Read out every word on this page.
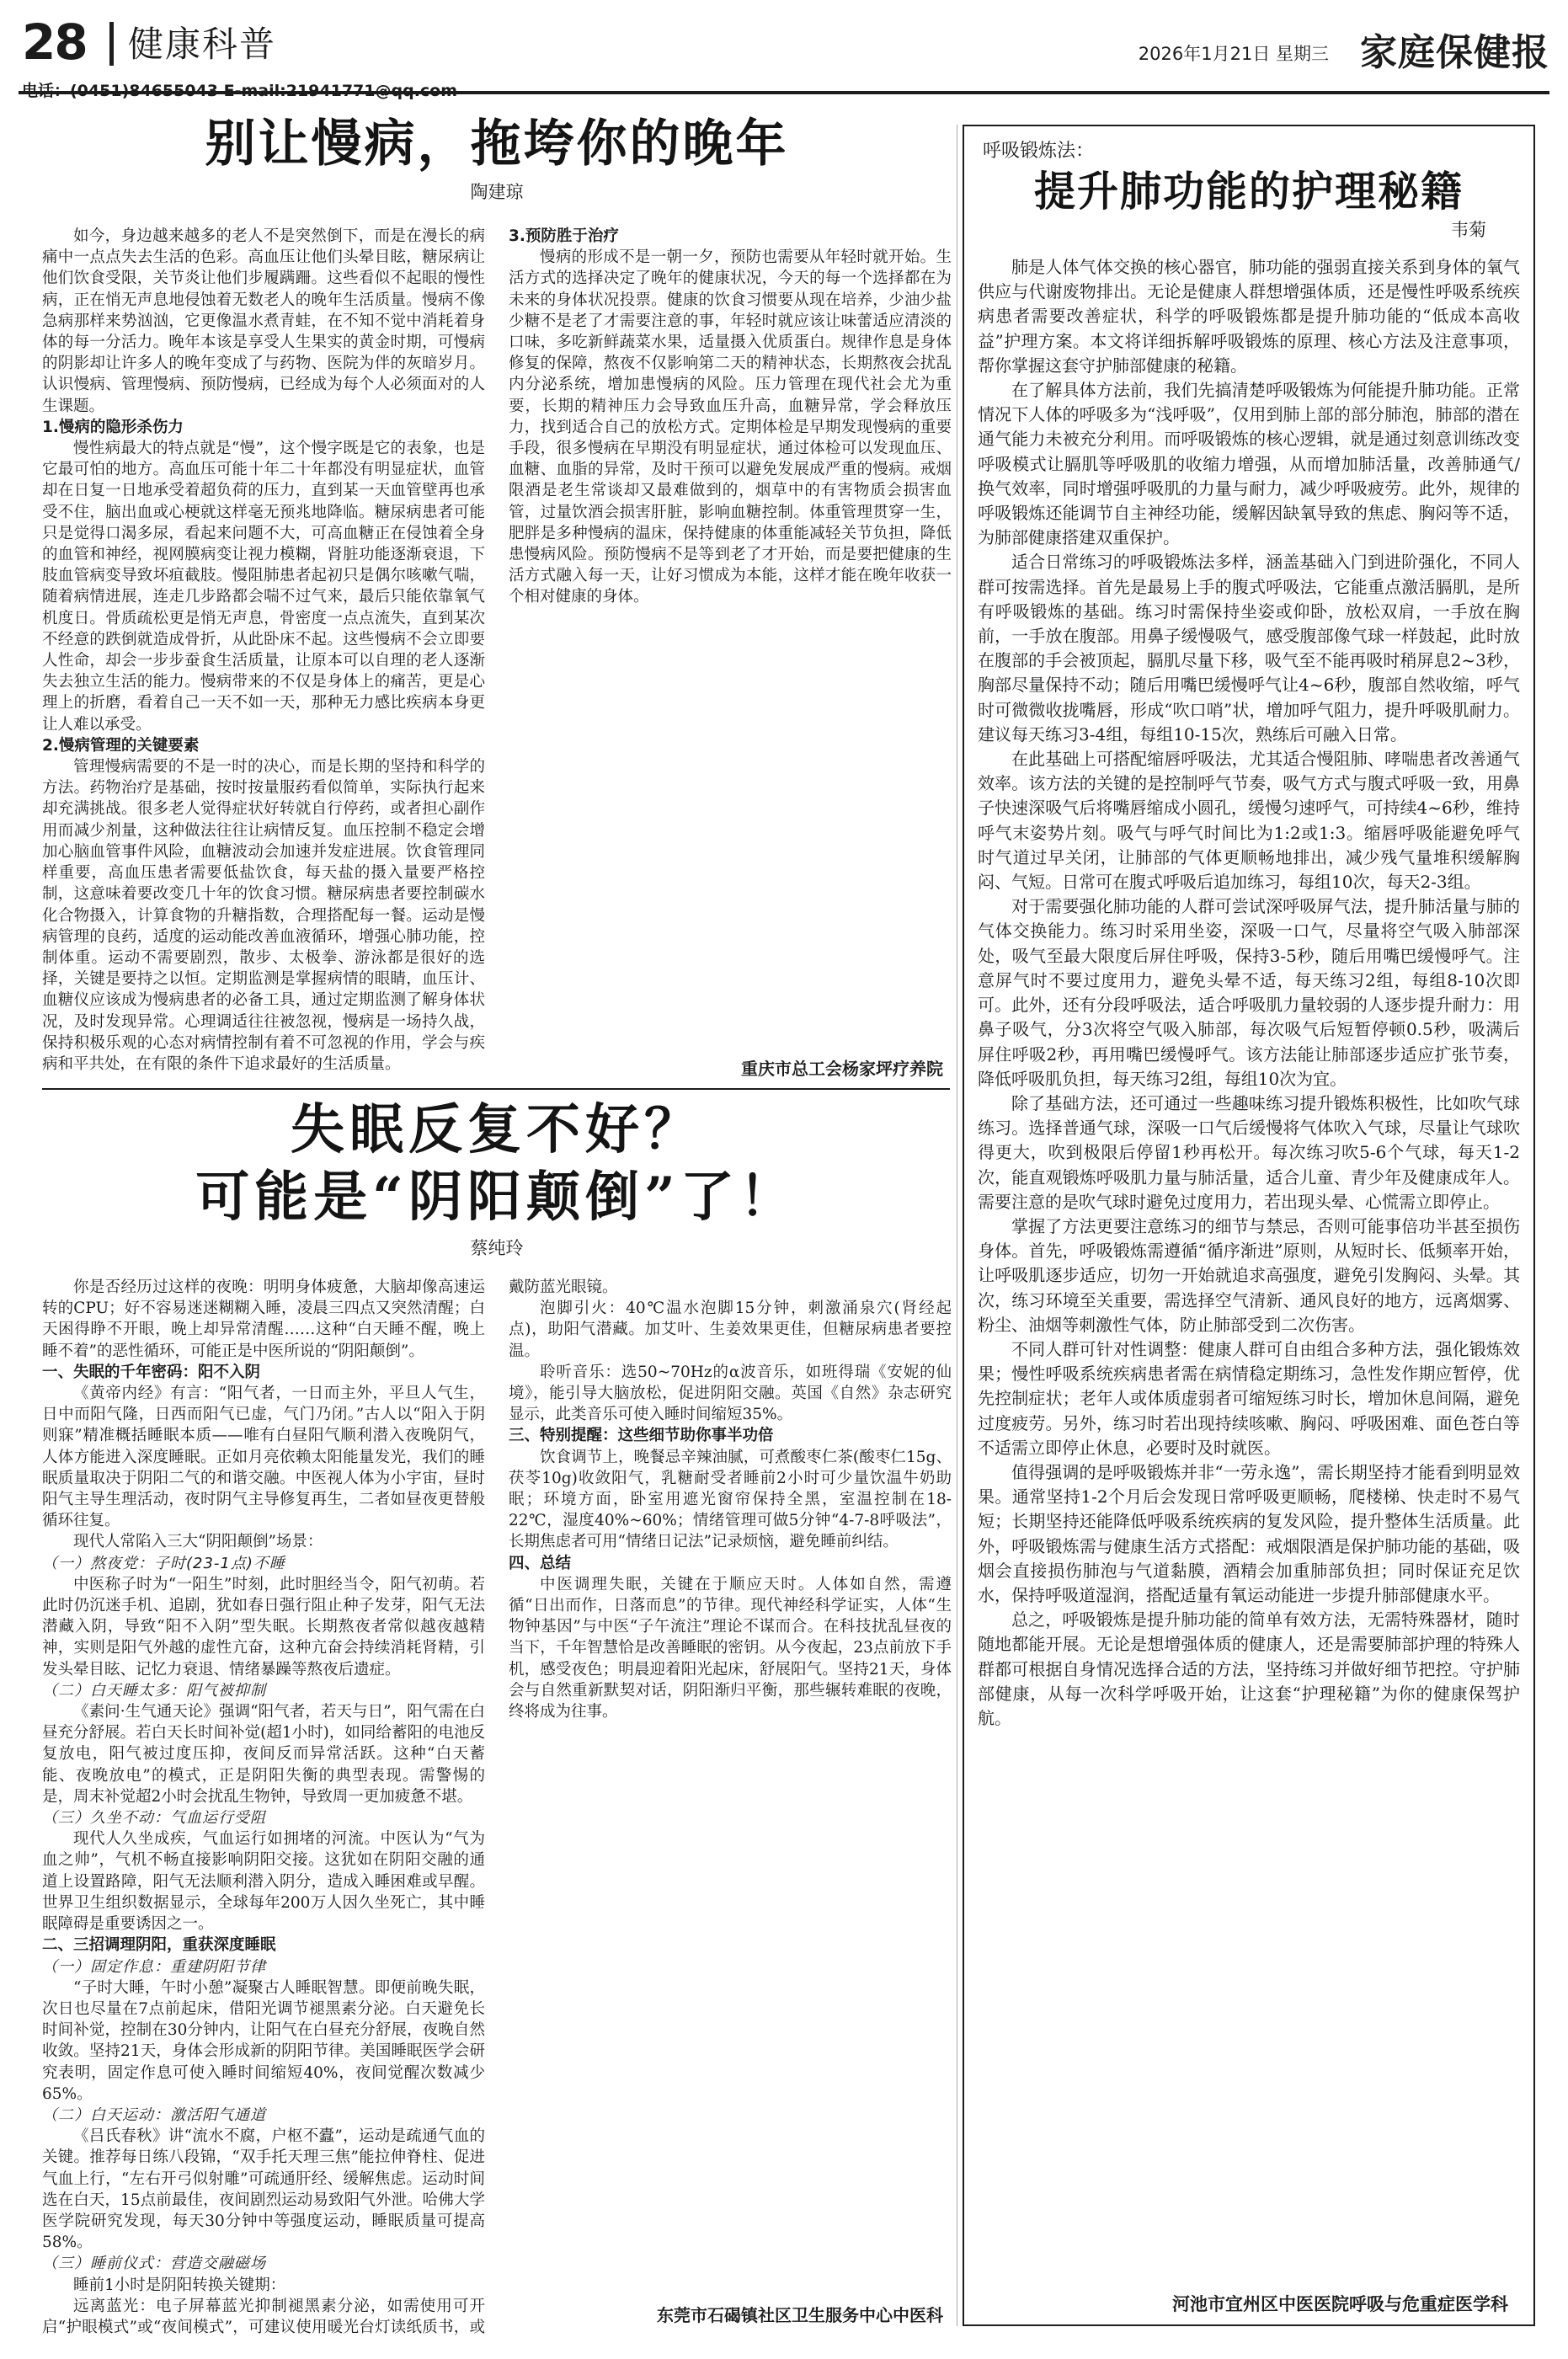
28 健康科普	2026年1月21日 星期三 家庭保健报
别让慢病，拖垮你的晚年
陶建琼

如今，身边越来越多的老人不是突然倒下，而是在漫长的病痛中一点点失去生活的色彩。高血压让他们头晕目眩，糖尿病让他们饮食受限，关节炎让他们步履蹒跚。这些看似不起眼的慢性病，正在悄无声息地侵蚀着无数老人的晚年生活质量。慢病不像急病那样来势汹汹，它更像温水煮青蛙，在不知不觉中消耗着身体的每一分活力。晚年本该是享受人生果实的黄金时期，可慢病的阴影却让许多人的晚年变成了与药物、医院为伴的灰暗岁月。认识慢病、管理慢病、预防慢病，已经成为每个人必须面对的人生课题。

1.慢病的隐形杀伤力

慢性病最大的特点就是“慢”，这个慢字既是它的表象，也是它最可怕的地方。高血压可能十年二十年都没有明显症状，血管却在日复一日地承受着超负荷的压力，直到某一天血管壁再也承受不住，脑出血或心梗就这样毫无预兆地降临。糖尿病患者可能只是觉得口渴多尿，看起来问题不大，可高血糖正在侵蚀着全身的血管和神经，视网膜病变让视力模糊，肾脏功能逐渐衰退，下肢血管病变导致坏疽截肢。慢阻肺患者起初只是偶尔咳嗽气喘，随着病情进展，连走几步路都会喘不过气来，最后只能依靠氧气机度日。骨质疏松更是悄无声息，骨密度一点点流失，直到某次不经意的跌倒就造成骨折，从此卧床不起。这些慢病不会立即要人性命，却会一步步蚕食生活质量，让原本可以自理的老人逐渐失去独立生活的能力。慢病带来的不仅是身体上的痛苦，更是心理上的折磨，看着自己一天不如一天，那种无力感比疾病本身更让人难以承受。

2.慢病管理的关键要素

管理慢病需要的不是一时的决心，而是长期的坚持和科学的方法。药物治疗是基础，按时按量服药看似简单，实际执行起来却充满挑战。很多老人觉得症状好转就自行停药，或者担心副作用而减少剂量，这种做法往往让病情反复。血压控制不稳定会增加心脑血管事件风险，血糖波动会加速并发症进展。饮食管理同样重要，高血压患者需要低盐饮食，每天盐的摄入量要严格控制，这意味着要改变几十年的饮食习惯。糖尿病患者要控制碳水化合物摄入，计算食物的升糖指数，合理搭配每一餐。运动是慢病管理的良药，适度的运动能改善血液循环，增强心肺功能，控制体重。运动不需要剧烈，散步、太极拳、游泳都是很好的选择，关键是要持之以恒。定期监测是掌握病情的眼睛，血压计、血糖仪应该成为慢病患者的必备工具，通过定期监测了解身体状况，及时发现异常。心理调适往往被忽视，慢病是一场持久战，保持积极乐观的心态对病情控制有着不可忽视的作用，学会与疾病和平共处，在有限的条件下追求最好的生活质量。

3.预防胜于治疗

慢病的形成不是一朝一夕，预防也需要从年轻时就开始。生活方式的选择决定了晚年的健康状况，今天的每一个选择都在为未来的身体状况投票。健康的饮食习惯要从现在培养，少油少盐少糖不是老了才需要注意的事，年轻时就应该让味蕾适应清淡的口味，多吃新鲜蔬菜水果，适量摄入优质蛋白。规律作息是身体修复的保障，熬夜不仅影响第二天的精神状态，长期熬夜会扰乱内分泌系统，增加患慢病的风险。压力管理在现代社会尤为重要，长期的精神压力会导致血压升高，血糖异常，学会释放压力，找到适合自己的放松方式。定期体检是早期发现慢病的重要手段，很多慢病在早期没有明显症状，通过体检可以发现血压、血糖、血脂的异常，及时干预可以避免发展成严重的慢病。戒烟限酒是老生常谈却又最难做到的，烟草中的有害物质会损害血管，过量饮酒会损害肝脏，影响血糖控制。体重管理贯穿一生，肥胖是多种慢病的温床，保持健康的体重能减轻关节负担，降低患慢病风险。预防慢病不是等到老了才开始，而是要把健康的生活方式融入每一天，让好习惯成为本能，这样才能在晚年收获一个相对健康的身体。

重庆市总工会杨家坪疗养院
失眠反复不好？
可能是“阴阳颠倒”了！
蔡纯玲

你是否经历过这样的夜晚：明明身体疲惫，大脑却像高速运转的CPU；好不容易迷迷糊糊入睡，凌晨三四点又突然清醒；白天困得睁不开眼，晚上却异常清醒……这种“白天睡不醒，晚上睡不着”的恶性循环，可能正是中医所说的“阴阳颠倒”。

一、失眠的千年密码：阳不入阴

《黄帝内经》有言：“阳气者，一日而主外，平旦人气生，日中而阳气隆，日西而阳气已虚，气门乃闭。”古人以“阳入于阴则寐”精准概括睡眠本质——唯有白昼阳气顺利潜入夜晚阴气，人体方能进入深度睡眠。正如月亮依赖太阳能量发光，我们的睡眠质量取决于阴阳二气的和谐交融。中医视人体为小宇宙，昼时阳气主导生理活动，夜时阴气主导修复再生，二者如昼夜更替般循环往复。

现代人常陷入三大“阴阳颠倒”场景：

（一）熬夜党：子时(23-1点)不睡

中医称子时为“一阳生”时刻，此时胆经当令，阳气初萌。若此时仍沉迷手机、追剧，犹如春日强行阻止种子发芽，阳气无法潜藏入阴，导致“阳不入阴”型失眠。长期熬夜者常似越夜越精神，实则是阳气外越的虚性亢奋，这种亢奋会持续消耗肾精，引发头晕目眩、记忆力衰退、情绪暴躁等熬夜后遗症。

（二）白天睡太多：阳气被抑制

《素问·生气通天论》强调“阳气者，若天与日”，阳气需在白昼充分舒展。若白天长时间补觉(超1小时)，如同给蓄阳的电池反复放电，阳气被过度压抑，夜间反而异常活跃。这种“白天蓄能、夜晚放电”的模式，正是阴阳失衡的典型表现。需警惕的是，周末补觉超2小时会扰乱生物钟，导致周一更加疲惫不堪。

（三）久坐不动：气血运行受阻

现代人久坐成疾，气血运行如拥堵的河流。中医认为“气为血之帅”，气机不畅直接影响阴阳交接。这犹如在阴阳交融的通道上设置路障，阳气无法顺利潜入阴分，造成入睡困难或早醒。世界卫生组织数据显示，全球每年200万人因久坐死亡，其中睡眠障碍是重要诱因之一。

二、三招调理阴阳，重获深度睡眠
（一）固定作息：重建阴阳节律

“子时大睡，午时小憩”凝聚古人睡眠智慧。即便前晚失眠，次日也尽量在7点前起床，借阳光调节褪黑素分泌。白天避免长时间补觉，控制在30分钟内，让阳气在白昼充分舒展，夜晚自然收敛。坚持21天，身体会形成新的阴阳节律。美国睡眠医学会研究表明，固定作息可使入睡时间缩短40%，夜间觉醒次数减少65%。

（二）白天运动：激活阳气通道

《吕氏春秋》讲“流水不腐，户枢不蠹”，运动是疏通气血的关键。推荐每日练八段锦，“双手托天理三焦”能拉伸脊柱、促进气血上行，“左右开弓似射雕”可疏通肝经、缓解焦虑。运动时间选在白天，15点前最佳，夜间剧烈运动易致阳气外泄。哈佛大学医学院研究发现，每天30分钟中等强度运动，睡眠质量可提高58%。

（三）睡前仪式：营造交融磁场

睡前1小时是阴阳转换关键期：

远离蓝光：电子屏幕蓝光抑制褪黑素分泌，如需使用可开启“护眼模式”或“夜间模式”，可建议使用暖光台灯读纸质书，或戴防蓝光眼镜。

泡脚引火：40℃温水泡脚15分钟，刺激涌泉穴(肾经起点)，助阳气潜藏。加艾叶、生姜效果更佳，但糖尿病患者要控温。

聆听音乐：选50~70Hz的α波音乐，如班得瑞《安妮的仙境》，能引导大脑放松，促进阴阳交融。英国《自然》杂志研究显示，此类音乐可使入睡时间缩短35%。

三、特别提醒：这些细节助你事半功倍

饮食调节上，晚餐忌辛辣油腻，可煮酸枣仁茶(酸枣仁15g、茯苓10g)收敛阳气，乳糖耐受者睡前2小时可少量饮温牛奶助眠；环境方面，卧室用遮光窗帘保持全黑，室温控制在18-22℃，湿度40%~60%；情绪管理可做5分钟“4-7-8呼吸法”，长期焦虑者可用“情绪日记法”记录烦恼，避免睡前纠结。

四、总结

中医调理失眠，关键在于顺应天时。人体如自然，需遵循“日出而作，日落而息”的节律。现代神经科学证实，人体“生物钟基因”与中医“子午流注”理论不谋而合。在科技扰乱昼夜的当下，千年智慧恰是改善睡眠的密钥。从今夜起，23点前放下手机，感受夜色；明晨迎着阳光起床，舒展阳气。坚持21天，身体会与自然重新默契对话，阴阳渐归平衡，那些辗转难眠的夜晚，终将成为往事。

东莞市石碣镇社区卫生服务中心中医科
呼吸锻炼法：
提升肺功能的护理秘籍
韦菊

肺是人体气体交换的核心器官，肺功能的强弱直接关系到身体的氧气供应与代谢废物排出。无论是健康人群想增强体质，还是慢性呼吸系统疾病患者需要改善症状，科学的呼吸锻炼都是提升肺功能的“低成本高收益”护理方案。本文将详细拆解呼吸锻炼的原理、核心方法及注意事项，帮你掌握这套守护肺部健康的秘籍。

在了解具体方法前，我们先搞清楚呼吸锻炼为何能提升肺功能。正常情况下人体的呼吸多为“浅呼吸”，仅用到肺上部的部分肺泡，肺部的潜在通气能力未被充分利用。而呼吸锻炼的核心逻辑，就是通过刻意训练改变呼吸模式让膈肌等呼吸肌的收缩力增强，从而增加肺活量，改善肺通气/换气效率，同时增强呼吸肌的力量与耐力，减少呼吸疲劳。此外，规律的呼吸锻炼还能调节自主神经功能，缓解因缺氧导致的焦虑、胸闷等不适，为肺部健康搭建双重保护。

适合日常练习的呼吸锻炼法多样，涵盖基础入门到进阶强化，不同人群可按需选择。首先是最易上手的腹式呼吸法，它能重点激活膈肌，是所有呼吸锻炼的基础。练习时需保持坐姿或仰卧，放松双肩，一手放在胸前，一手放在腹部。用鼻子缓慢吸气，感受腹部像气球一样鼓起，此时放在腹部的手会被顶起，膈肌尽量下移，吸气至不能再吸时稍屏息2~3秒，胸部尽量保持不动；随后用嘴巴缓慢呼气让4~6秒，腹部自然收缩，呼气时可微微收拢嘴唇，形成“吹口哨”状，增加呼气阻力，提升呼吸肌耐力。建议每天练习3-4组，每组10-15次，熟练后可融入日常。

在此基础上可搭配缩唇呼吸法，尤其适合慢阻肺、哮喘患者改善通气效率。该方法的关键的是控制呼气节奏，吸气方式与腹式呼吸一致，用鼻子快速深吸气后将嘴唇缩成小圆孔，缓慢匀速呼气，可持续4~6秒，维持呼气末姿势片刻。吸气与呼气时间比为1:2或1:3。缩唇呼吸能避免呼气时气道过早关闭，让肺部的气体更顺畅地排出，减少残气量堆积缓解胸闷、气短。日常可在腹式呼吸后追加练习，每组10次，每天2-3组。

对于需要强化肺功能的人群可尝试深呼吸屏气法，提升肺活量与肺的气体交换能力。练习时采用坐姿，深吸一口气，尽量将空气吸入肺部深处，吸气至最大限度后屏住呼吸，保持3-5秒，随后用嘴巴缓慢呼气。注意屏气时不要过度用力，避免头晕不适，每天练习2组，每组8-10次即可。此外，还有分段呼吸法，适合呼吸肌力量较弱的人逐步提升耐力：用鼻子吸气，分3次将空气吸入肺部，每次吸气后短暂停顿0.5秒，吸满后屏住呼吸2秒，再用嘴巴缓慢呼气。该方法能让肺部逐步适应扩张节奏，降低呼吸肌负担，每天练习2组，每组10次为宜。

除了基础方法，还可通过一些趣味练习提升锻炼积极性，比如吹气球练习。选择普通气球，深吸一口气后缓慢将气体吹入气球，尽量让气球吹得更大，吹到极限后停留1秒再松开。每次练习吹5-6个气球，每天1-2次，能直观锻炼呼吸肌力量与肺活量，适合儿童、青少年及健康成年人。需要注意的是吹气球时避免过度用力，若出现头晕、心慌需立即停止。

掌握了方法更要注意练习的细节与禁忌，否则可能事倍功半甚至损伤身体。首先，呼吸锻炼需遵循“循序渐进”原则，从短时长、低频率开始，让呼吸肌逐步适应，切勿一开始就追求高强度，避免引发胸闷、头晕。其次，练习环境至关重要，需选择空气清新、通风良好的地方，远离烟雾、粉尘、油烟等刺激性气体，防止肺部受到二次伤害。

不同人群可针对性调整：健康人群可自由组合多种方法，强化锻炼效果；慢性呼吸系统疾病患者需在病情稳定期练习，急性发作期应暂停，优先控制症状；老年人或体质虚弱者可缩短练习时长，增加休息间隔，避免过度疲劳。另外，练习时若出现持续咳嗽、胸闷、呼吸困难、面色苍白等不适需立即停止休息，必要时及时就医。

值得强调的是呼吸锻炼并非“一劳永逸”，需长期坚持才能看到明显效果。通常坚持1-2个月后会发现日常呼吸更顺畅，爬楼梯、快走时不易气短；长期坚持还能降低呼吸系统疾病的复发风险，提升整体生活质量。此外，呼吸锻炼需与健康生活方式搭配：戒烟限酒是保护肺功能的基础，吸烟会直接损伤肺泡与气道黏膜，酒精会加重肺部负担；同时保证充足饮水，保持呼吸道湿润，搭配适量有氧运动能进一步提升肺部健康水平。

总之，呼吸锻炼是提升肺功能的简单有效方法，无需特殊器材，随时随地都能开展。无论是想增强体质的健康人，还是需要肺部护理的特殊人群都可根据自身情况选择合适的方法，坚持练习并做好细节把控。守护肺部健康，从每一次科学呼吸开始，让这套“护理秘籍”为你的健康保驾护航。

河池市宜州区中医医院呼吸与危重症医学科
